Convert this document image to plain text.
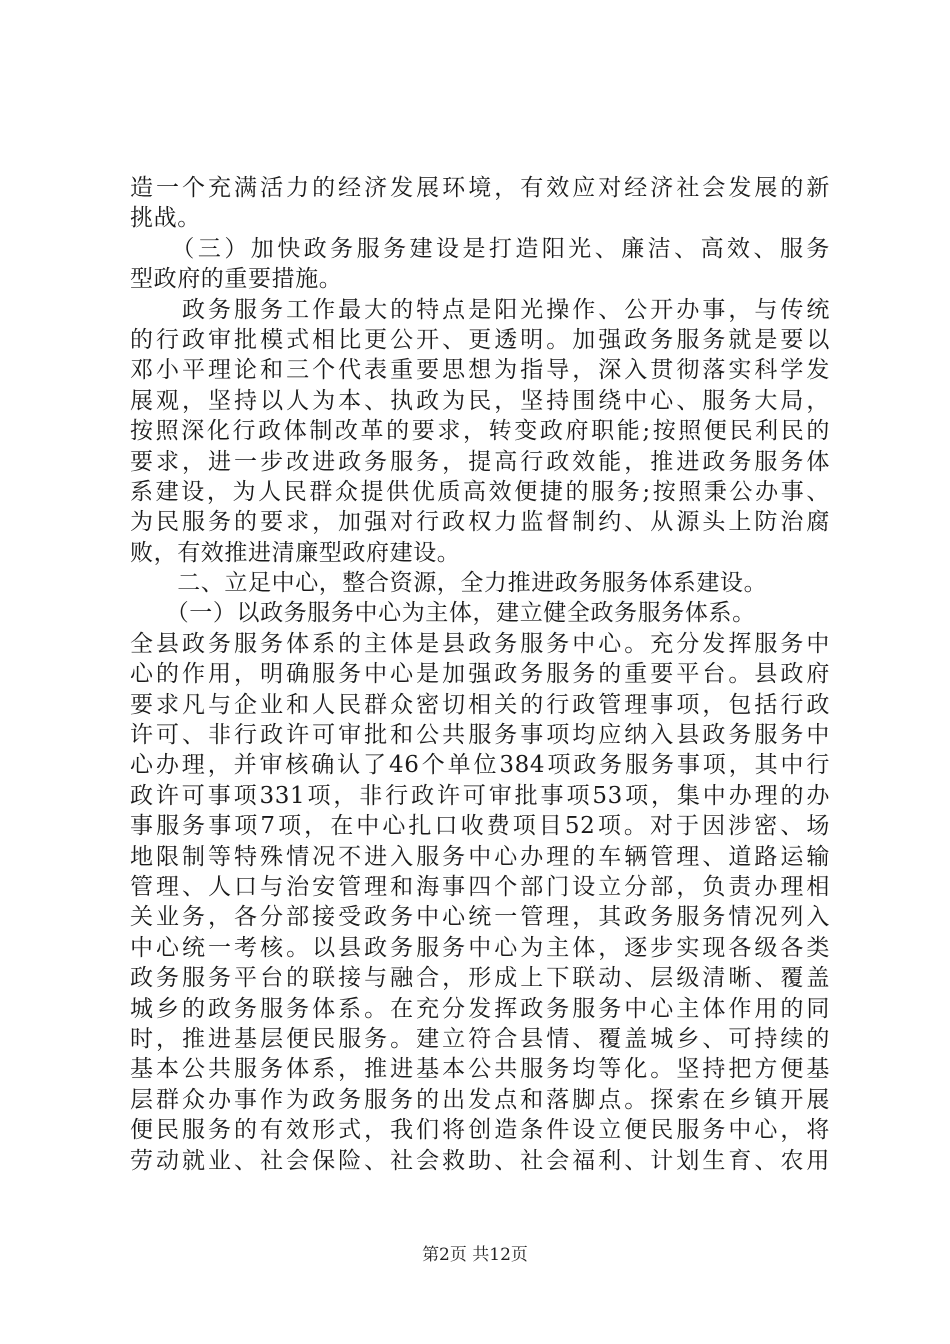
造一个充满活力的经济发展环境，有效应对经济社会发展的新
挑战。
　　（三）加快政务服务建设是打造阳光、廉洁、高效、服务
型政府的重要措施。
　　政务服务工作最大的特点是阳光操作、公开办事，与传统
的行政审批模式相比更公开、更透明。加强政务服务就是要以
邓小平理论和三个代表重要思想为指导，深入贯彻落实科学发
展观，坚持以人为本、执政为民，坚持围绕中心、服务大局，
按照深化行政体制改革的要求，转变政府职能;按照便民利民的
要求，进一步改进政务服务，提高行政效能，推进政务服务体
系建设，为人民群众提供优质高效便捷的服务;按照秉公办事、
为民服务的要求，加强对行政权力监督制约、从源头上防治腐
败，有效推进清廉型政府建设。
　　二、立足中心，整合资源，全力推进政务服务体系建设。
　　（一）以政务服务中心为主体，建立健全政务服务体系。
全县政务服务体系的主体是县政务服务中心。充分发挥服务中
心的作用，明确服务中心是加强政务服务的重要平台。县政府
要求凡与企业和人民群众密切相关的行政管理事项，包括行政
许可、非行政许可审批和公共服务事项均应纳入县政务服务中
心办理，并审核确认了46个单位384项政务服务事项，其中行
政许可事项331项，非行政许可审批事项53项，集中办理的办
事服务事项7项，在中心扎口收费项目52项。对于因涉密、场
地限制等特殊情况不进入服务中心办理的车辆管理、道路运输
管理、人口与治安管理和海事四个部门设立分部，负责办理相
关业务，各分部接受政务中心统一管理，其政务服务情况列入
中心统一考核。以县政务服务中心为主体，逐步实现各级各类
政务服务平台的联接与融合，形成上下联动、层级清晰、覆盖
城乡的政务服务体系。在充分发挥政务服务中心主体作用的同
时，推进基层便民服务。建立符合县情、覆盖城乡、可持续的
基本公共服务体系，推进基本公共服务均等化。坚持把方便基
层群众办事作为政务服务的出发点和落脚点。探索在乡镇开展
便民服务的有效形式，我们将创造条件设立便民服务中心，将
劳动就业、社会保险、社会救助、社会福利、计划生育、农用
第2页 共12页
